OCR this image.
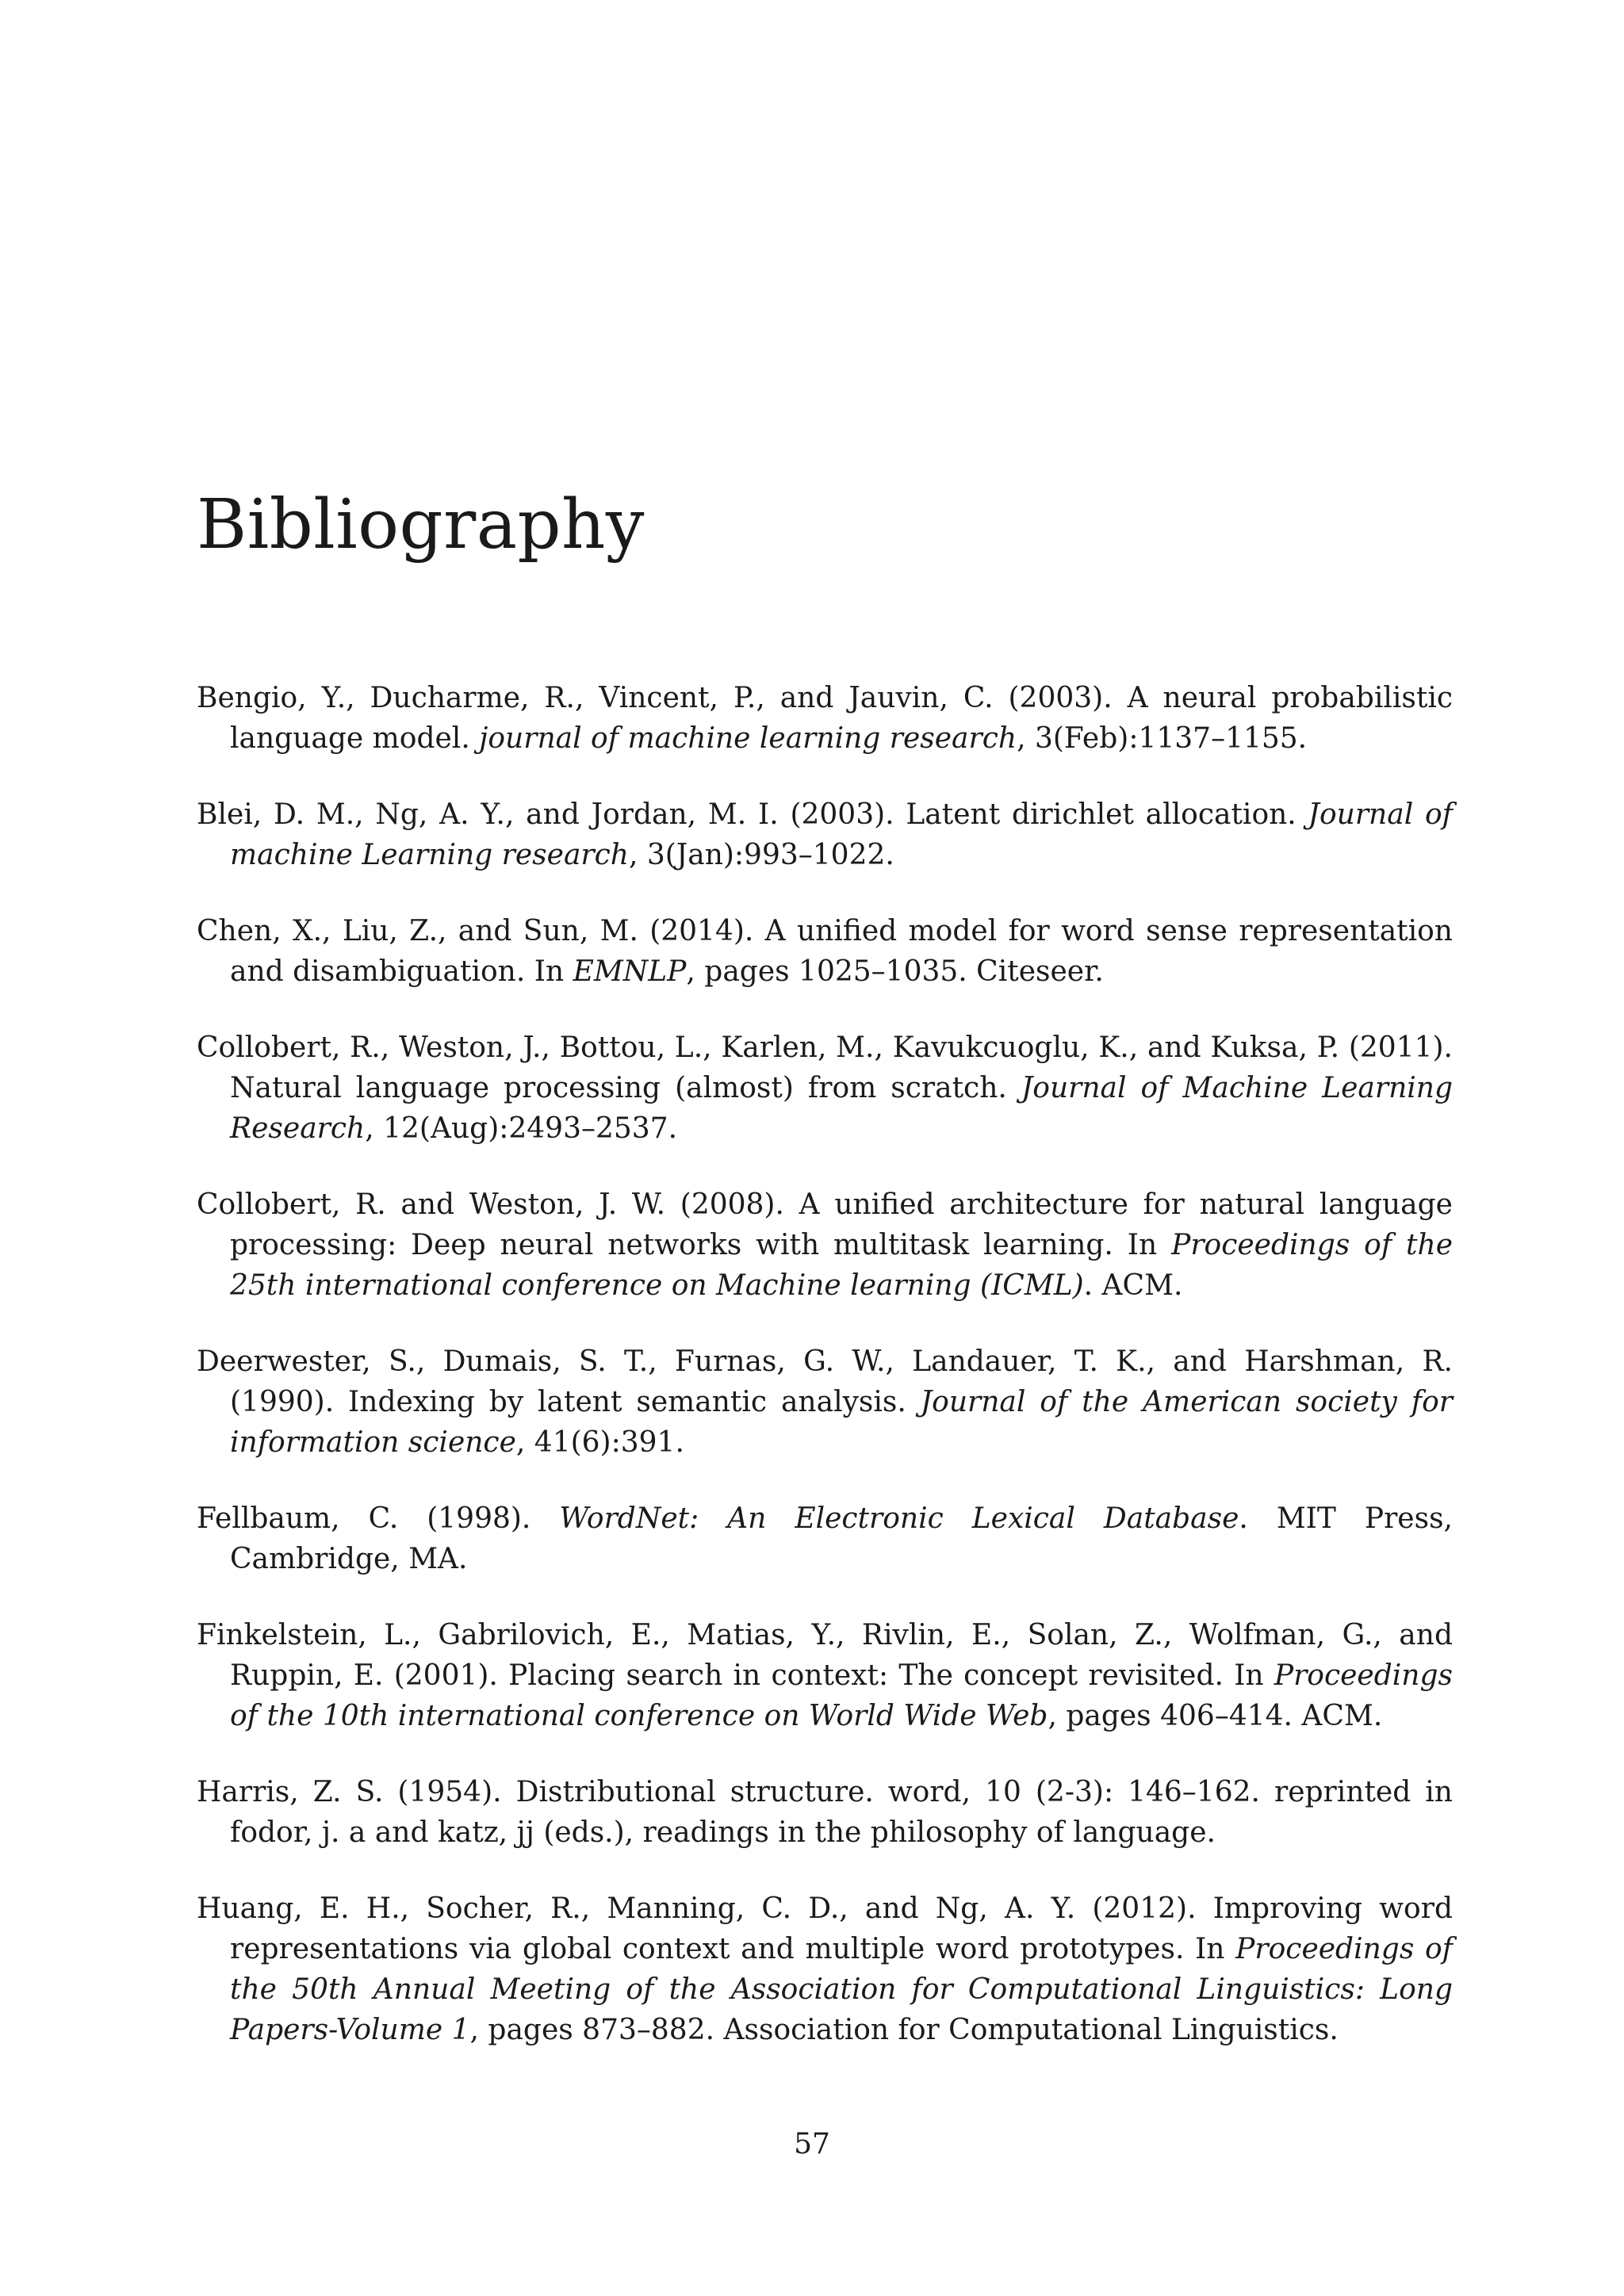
Bibliography
Bengio, Y., Ducharme, R., Vincent, P., and Jauvin, C. (2003). A neural probabilistic language model. journal of machine learning research, 3(Feb):1137–1155.
Blei, D. M., Ng, A. Y., and Jordan, M. I. (2003). Latent dirichlet allocation. Journal of machine Learning research, 3(Jan):993–1022.
Chen, X., Liu, Z., and Sun, M. (2014). A unified model for word sense representation and disambiguation. In EMNLP, pages 1025–1035. Citeseer.
Collobert, R., Weston, J., Bottou, L., Karlen, M., Kavukcuoglu, K., and Kuksa, P. (2011). Natural language processing (almost) from scratch. Journal of Machine Learning Research, 12(Aug):2493–2537.
Collobert, R. and Weston, J. W. (2008). A unified architecture for natural language processing: Deep neural networks with multitask learning. In Proceedings of the 25th international conference on Machine learning (ICML). ACM.
Deerwester, S., Dumais, S. T., Furnas, G. W., Landauer, T. K., and Harshman, R. (1990). Indexing by latent semantic analysis. Journal of the American society for information science, 41(6):391.
Fellbaum, C. (1998). WordNet: An Electronic Lexical Database. MIT Press, Cambridge, MA.
Finkelstein, L., Gabrilovich, E., Matias, Y., Rivlin, E., Solan, Z., Wolfman, G., and Ruppin, E. (2001). Placing search in context: The concept revisited. In Proceedings of the 10th international conference on World Wide Web, pages 406–414. ACM.
Harris, Z. S. (1954). Distributional structure. word, 10 (2-3): 146–162. reprinted in fodor, j. a and katz, jj (eds.), readings in the philosophy of language.
Huang, E. H., Socher, R., Manning, C. D., and Ng, A. Y. (2012). Improving word representations via global context and multiple word prototypes. In Proceedings of the 50th Annual Meeting of the Association for Computational Linguistics: Long Papers-Volume 1, pages 873–882. Association for Computational Linguistics.
57
